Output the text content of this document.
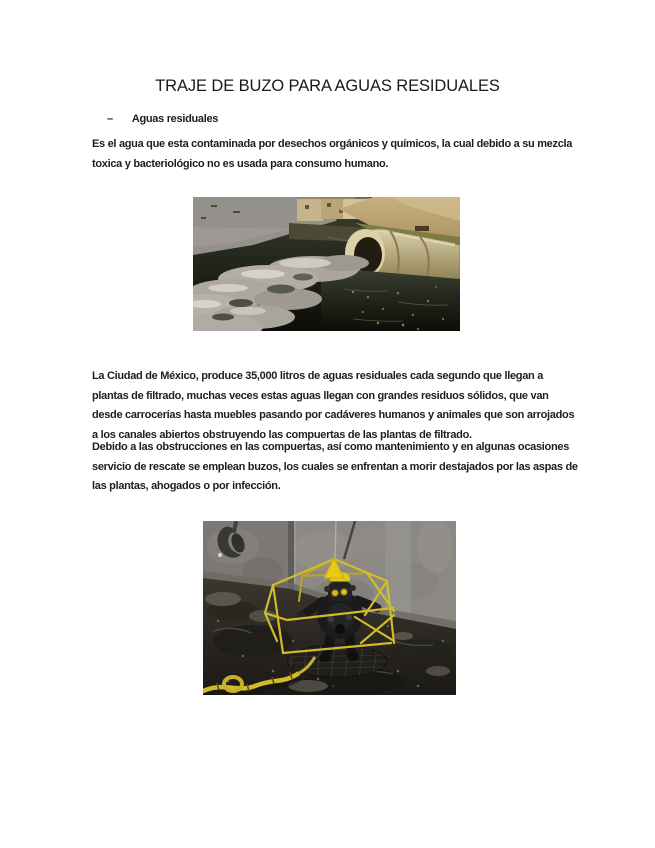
TRAJE DE BUZO PARA AGUAS RESIDUALES
– Aguas residuales

Es el agua que esta contaminada por desechos orgánicos y químicos, la cual debido a su mezcla toxica y bacteriológico no es usada para consumo humano.

La Ciudad de México, produce 35,000 litros de aguas residuales cada segundo que llegan a plantas de filtrado, muchas veces estas aguas llegan con grandes residuos sólidos, que van desde carrocerías hasta muebles pasando por cadáveres humanos y animales que son arrojados a los canales abiertos obstruyendo las compuertas de las plantas de filtrado.

Debido a las obstrucciones en las compuertas, así como mantenimiento y en algunas ocasiones servicio de rescate se emplean buzos, los cuales se enfrentan a morir destajados por las aspas de las plantas, ahogados o por infección.
